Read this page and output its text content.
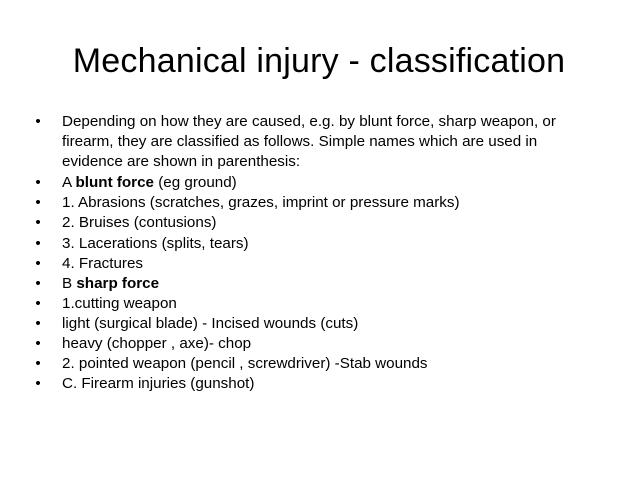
Mechanical injury - classification
• Depending on how they are caused, e.g. by blunt force, sharp weapon, or firearm, they are classified as follows. Simple names which are used in evidence are shown in parenthesis:
• A blunt force (eg ground)
• 1. Abrasions (scratches, grazes, imprint or pressure marks)
• 2. Bruises (contusions)
• 3. Lacerations (splits, tears)
• 4. Fractures
• B sharp force
• 1.cutting weapon
• light (surgical blade) - Incised wounds (cuts)
• heavy (chopper , axe)- chop
• 2. pointed weapon (pencil , screwdriver) -Stab wounds
• C. Firearm injuries (gunshot)
